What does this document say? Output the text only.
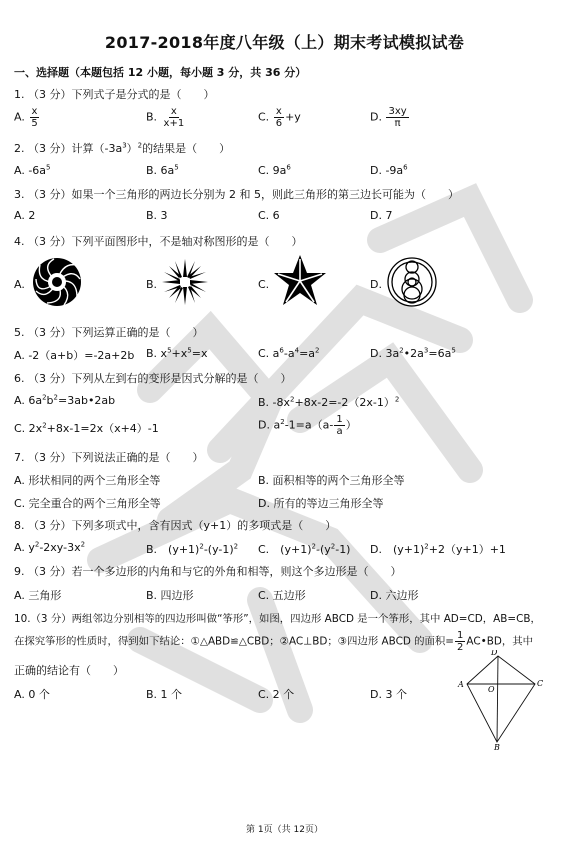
2017-2018年度八年级（上）期末考试模拟试卷
一、选择题（本题包括 12 小题，每小题 3 分，共 36 分）
1. （3 分）下列式子是分式的是（　　）
A. $\frac{x}{5}$	B. $\frac{x}{x+1}$	C. $\frac{x}{6} +y$	D. $\frac{3xy}{\pi}$
2. （3 分）计算$(-3a^3)^2$的结果是（　　）
A. $-6a^5$	B. $6a^5$	C. $9a^6$	D. $-9a^6$
3. （3 分）如果一个三角形的两边长分别为 2 和 5，则此三角形的第三边长可能为（　　）
A. 2	B. 3	C. 6	D. 7
4. （3 分）下列平面图形中，不是轴对称图形的是（　　）
A.	B.	C.	D.
5. （3 分）下列运算正确的是（　　）
A. -2（a+b）=-2a+2b B. $x^5+x^5=x$	C. $a^6-a^4=a^2$	D. $3a^2•2a^3=6a^5$
6. （3 分）下列从左到右的变形是因式分解的是（　　）
A. $6a^2b^2=3ab•2ab$	B. $-8x^2+8x-2=-2(2x-1)^2$
C. $2x^2+8x-1=2x(x+4)-1$	D. $a^2-1=a(a- \frac{1}{a}$ ）
7. （3 分）下列说法正确的是（　　）
A. 形状相同的两个三角形全等	B. 面积相等的两个三角形全等
C. 完全重合的两个三角形全等	D. 所有的等边三角形全等
8. （3 分）下列多项式中，含有因式（y+1）的多项式是（　　）
A. $y^2-2xy-3x^2$	B.　$(y+1)^2-(y-1)^2$ C.　$(y+1)^2-(y^2-1)$ D.　$(y+1)^2+2(y+1)+1$
9. （3 分）若一个多边形的内角和与它的外角和相等，则这个多边形是（　　）
A. 三角形	B. 四边形	C. 五边形	D. 六边形
10.（3 分）两组邻边分别相等的四边形叫做“筝形”，如图，四边形 ABCD 是一个筝形，其中 AD=CD，AB=CB，
在探究筝形的性质时，得到如下结论：①△ABD≌△CBD；②AC⊥BD；③四边形 ABCD 的面积= $\frac{1}{2}$ AC•BD，其中
正确的结论有（　　）
A. 0 个	B. 1 个	C. 2 个	D. 3 个
D
A	C
B
O
第 1页（共 12页）
